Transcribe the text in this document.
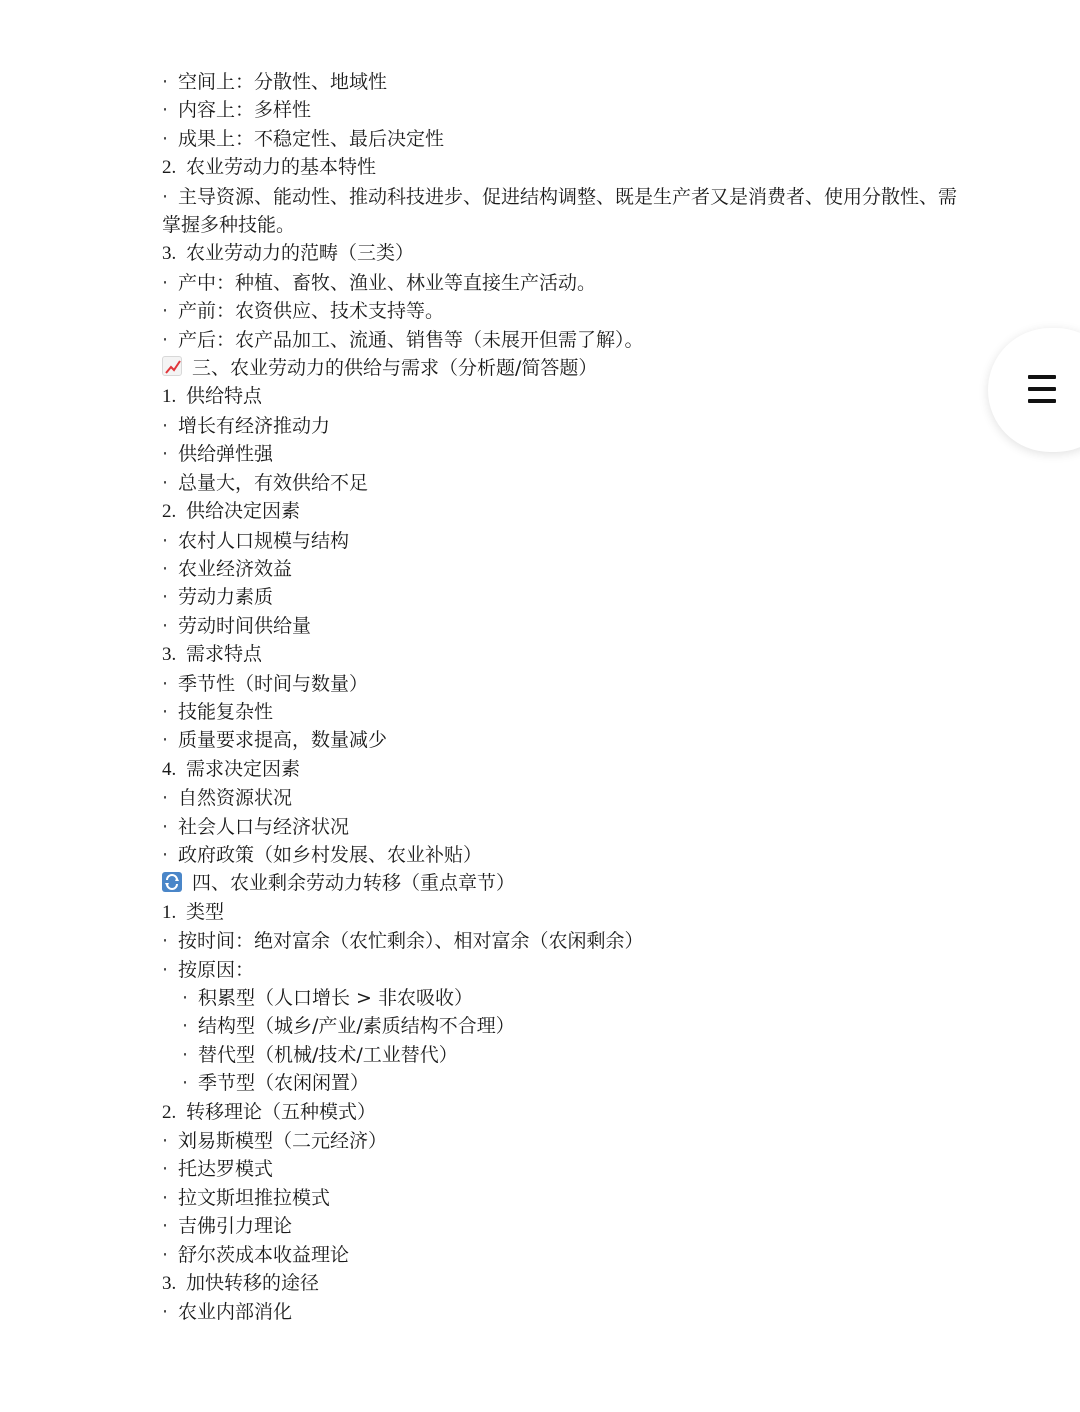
· 空间上：分散性、地域性
· 内容上：多样性
· 成果上：不稳定性、最后决定性
2. 农业劳动力的基本特性
· 主导资源、能动性、推动科技进步、促进结构调整、既是生产者又是消费者、使用分散性、需掌握多种技能。
3. 农业劳动力的范畴（三类）
· 产中：种植、畜牧、渔业、林业等直接生产活动。
· 产前：农资供应、技术支持等。
· 产后：农产品加工、流通、销售等（未展开但需了解）。
三、农业劳动力的供给与需求（分析题/简答题）
1. 供给特点
· 增长有经济推动力
· 供给弹性强
· 总量大，有效供给不足
2. 供给决定因素
· 农村人口规模与结构
· 农业经济效益
· 劳动力素质
· 劳动时间供给量
3. 需求特点
· 季节性（时间与数量）
· 技能复杂性
· 质量要求提高，数量减少
4. 需求决定因素
· 自然资源状况
· 社会人口与经济状况
· 政府政策（如乡村发展、农业补贴）
四、农业剩余劳动力转移（重点章节）
1. 类型
· 按时间：绝对富余（农忙剩余）、相对富余（农闲剩余）
· 按原因：
· 积累型（人口增长 > 非农吸收）
· 结构型（城乡/产业/素质结构不合理）
· 替代型（机械/技术/工业替代）
· 季节型（农闲闲置）
2. 转移理论（五种模式）
· 刘易斯模型（二元经济）
· 托达罗模式
· 拉文斯坦推拉模式
· 吉佛引力理论
· 舒尔茨成本收益理论
3. 加快转移的途径
· 农业内部消化
